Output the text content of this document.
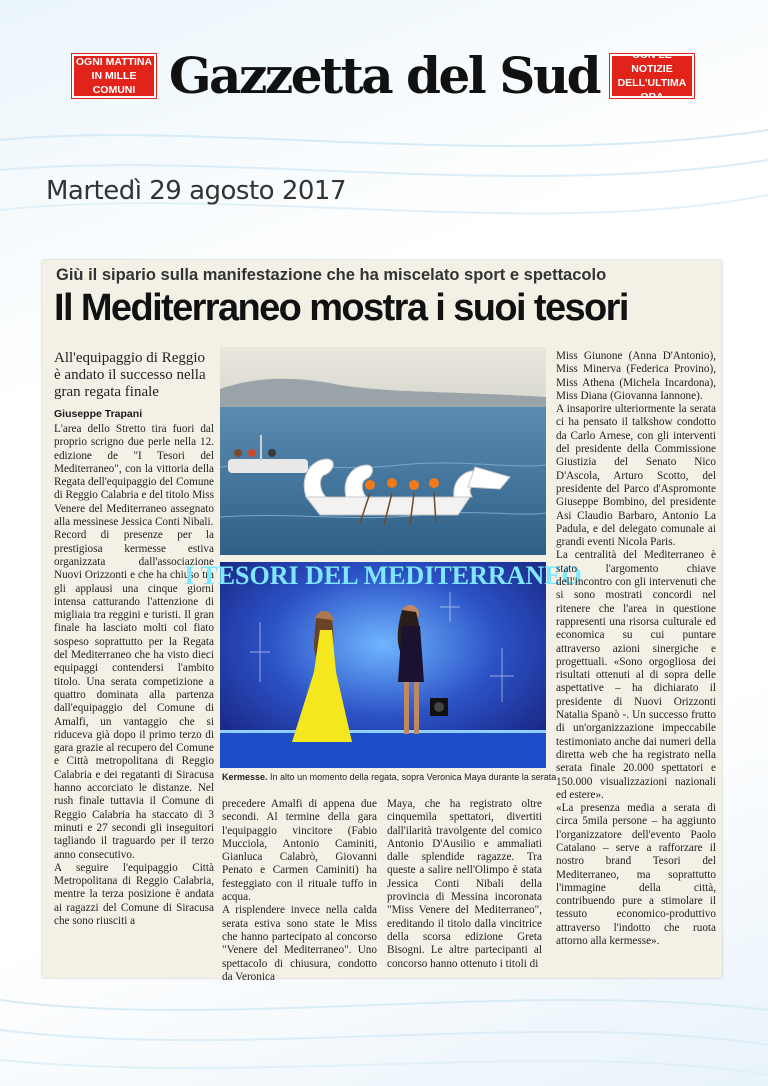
OGNI MATTINA
IN MILLE COMUNI Gazzetta del Sud	CON LE NOTIZIE
DELL'ULTIMA ORA
Martedì 29 agosto 2017
Giù il sipario sulla manifestazione che ha miscelato sport e spettacolo
Il Mediterraneo mostra i suoi tesori
All'equipaggio di Reggio è andato il successo nella gran regata finale
Giuseppe Trapani
L'area dello Stretto tira fuori dal proprio scrigno due perle nella 12. edizione de "I Tesori del Mediterraneo", con la vittoria della Regata dell'equipaggio del Comune di Reggio Calabria e del titolo Miss Venere del Mediterraneo assegnato alla messinese Jessica Conti Nibali.
Record di presenze per la prestigiosa kermesse estiva organizzata dall'associazione Nuovi Orizzonti e che ha chiuso tra gli applausi una cinque giorni intensa catturando l'attenzione di migliaia tra reggini e turisti. Il gran finale ha lasciato molti col fiato sospeso soprattutto per la Regata del Mediterraneo che ha visto dieci equipaggi contendersi l'ambito titolo. Una serata competizione a quattro dominata alla partenza dall'equipaggio del Comune di Amalfi, un vantaggio che si riduceva già dopo il primo terzo di gara grazie al recupero del Comune e Città metropolitana di Reggio Calabria e dei regatanti di Siracusa hanno accorciato le distanze. Nel rush finale tuttavia il Comune di Reggio Calabria ha staccato di 3 minuti e 27 secondi gli inseguitori tagliando il traguardo per il terzo anno consecutivo.
A seguire l'equipaggio Città Metropolitana di Reggio Calabria, mentre la terza posizione è andata ai ragazzi del Comune di Siracusa che sono riusciti a
I TESORI DEL MEDITERRANEO
Kermesse. In alto un momento della regata, sopra Veronica Maya durante la serata
precedere Amalfi di appena due secondi. Al termine della gara l'equipaggio vincitore (Fabio Mucciola, Antonio Caminiti, Gianluca Calabrò, Giovanni Penato e Carmen Caminiti) ha festeggiato con il rituale tuffo in acqua.
A risplendere invece nella calda serata estiva sono state le Miss che hanno partecipato al concorso "Venere del Mediterraneo". Uno spettacolo di chiusura, condotto da Veronica
Maya, che ha registrato oltre cinquemila spettatori, divertiti dall'ilarità travolgente del comico Antonio D'Ausilio e ammaliati dalle splendide ragazze. Tra queste a salire nell'Olimpo è stata Jessica Conti Nibali della provincia di Messina incoronata "Miss Venere del Mediterraneo", ereditando il titolo dalla vincitrice della scorsa edizione Greta Bisogni. Le altre partecipanti al concorso hanno ottenuto i titoli di
Miss Giunone (Anna D'Antonio), Miss Minerva (Federica Provino), Miss Athena (Michela Incardona), Miss Diana (Giovanna Iannone).
A insaporire ulteriormente la serata ci ha pensato il talkshow condotto da Carlo Arnese, con gli interventi del presidente della Commissione Giustizia del Senato Nico D'Ascola, Arturo Scotto, del presidente del Parco d'Aspromonte Giuseppe Bombino, del presidente Asi Claudio Barbaro, Antonio La Padula, e del delegato comunale ai grandi eventi Nicola Paris.
La centralità del Mediterraneo è stato l'argomento chiave dell'incontro con gli intervenuti che si sono mostrati concordi nel ritenere che l'area in questione rappresenti una risorsa culturale ed economica su cui puntare attraverso azioni sinergiche e progettuali. «Sono orgogliosa dei risultati ottenuti al di sopra delle aspettative – ha dichiarato il presidente di Nuovi Orizzonti Natalia Spanò -. Un successo frutto di un'organizzazione impeccabile testimoniato anche dai numeri della diretta web che ha registrato nella serata finale 20.000 spettatori e 150.000 visualizzazioni nazionali ed estere».
«La presenza media a serata di circa 5mila persone – ha aggiunto l'organizzatore dell'evento Paolo Catalano – serve a rafforzare il nostro brand Tesori del Mediterraneo, ma soprattutto l'immagine della città, contribuendo pure a stimolare il tessuto economico-produttivo attraverso l'indotto che ruota attorno alla kermesse».
